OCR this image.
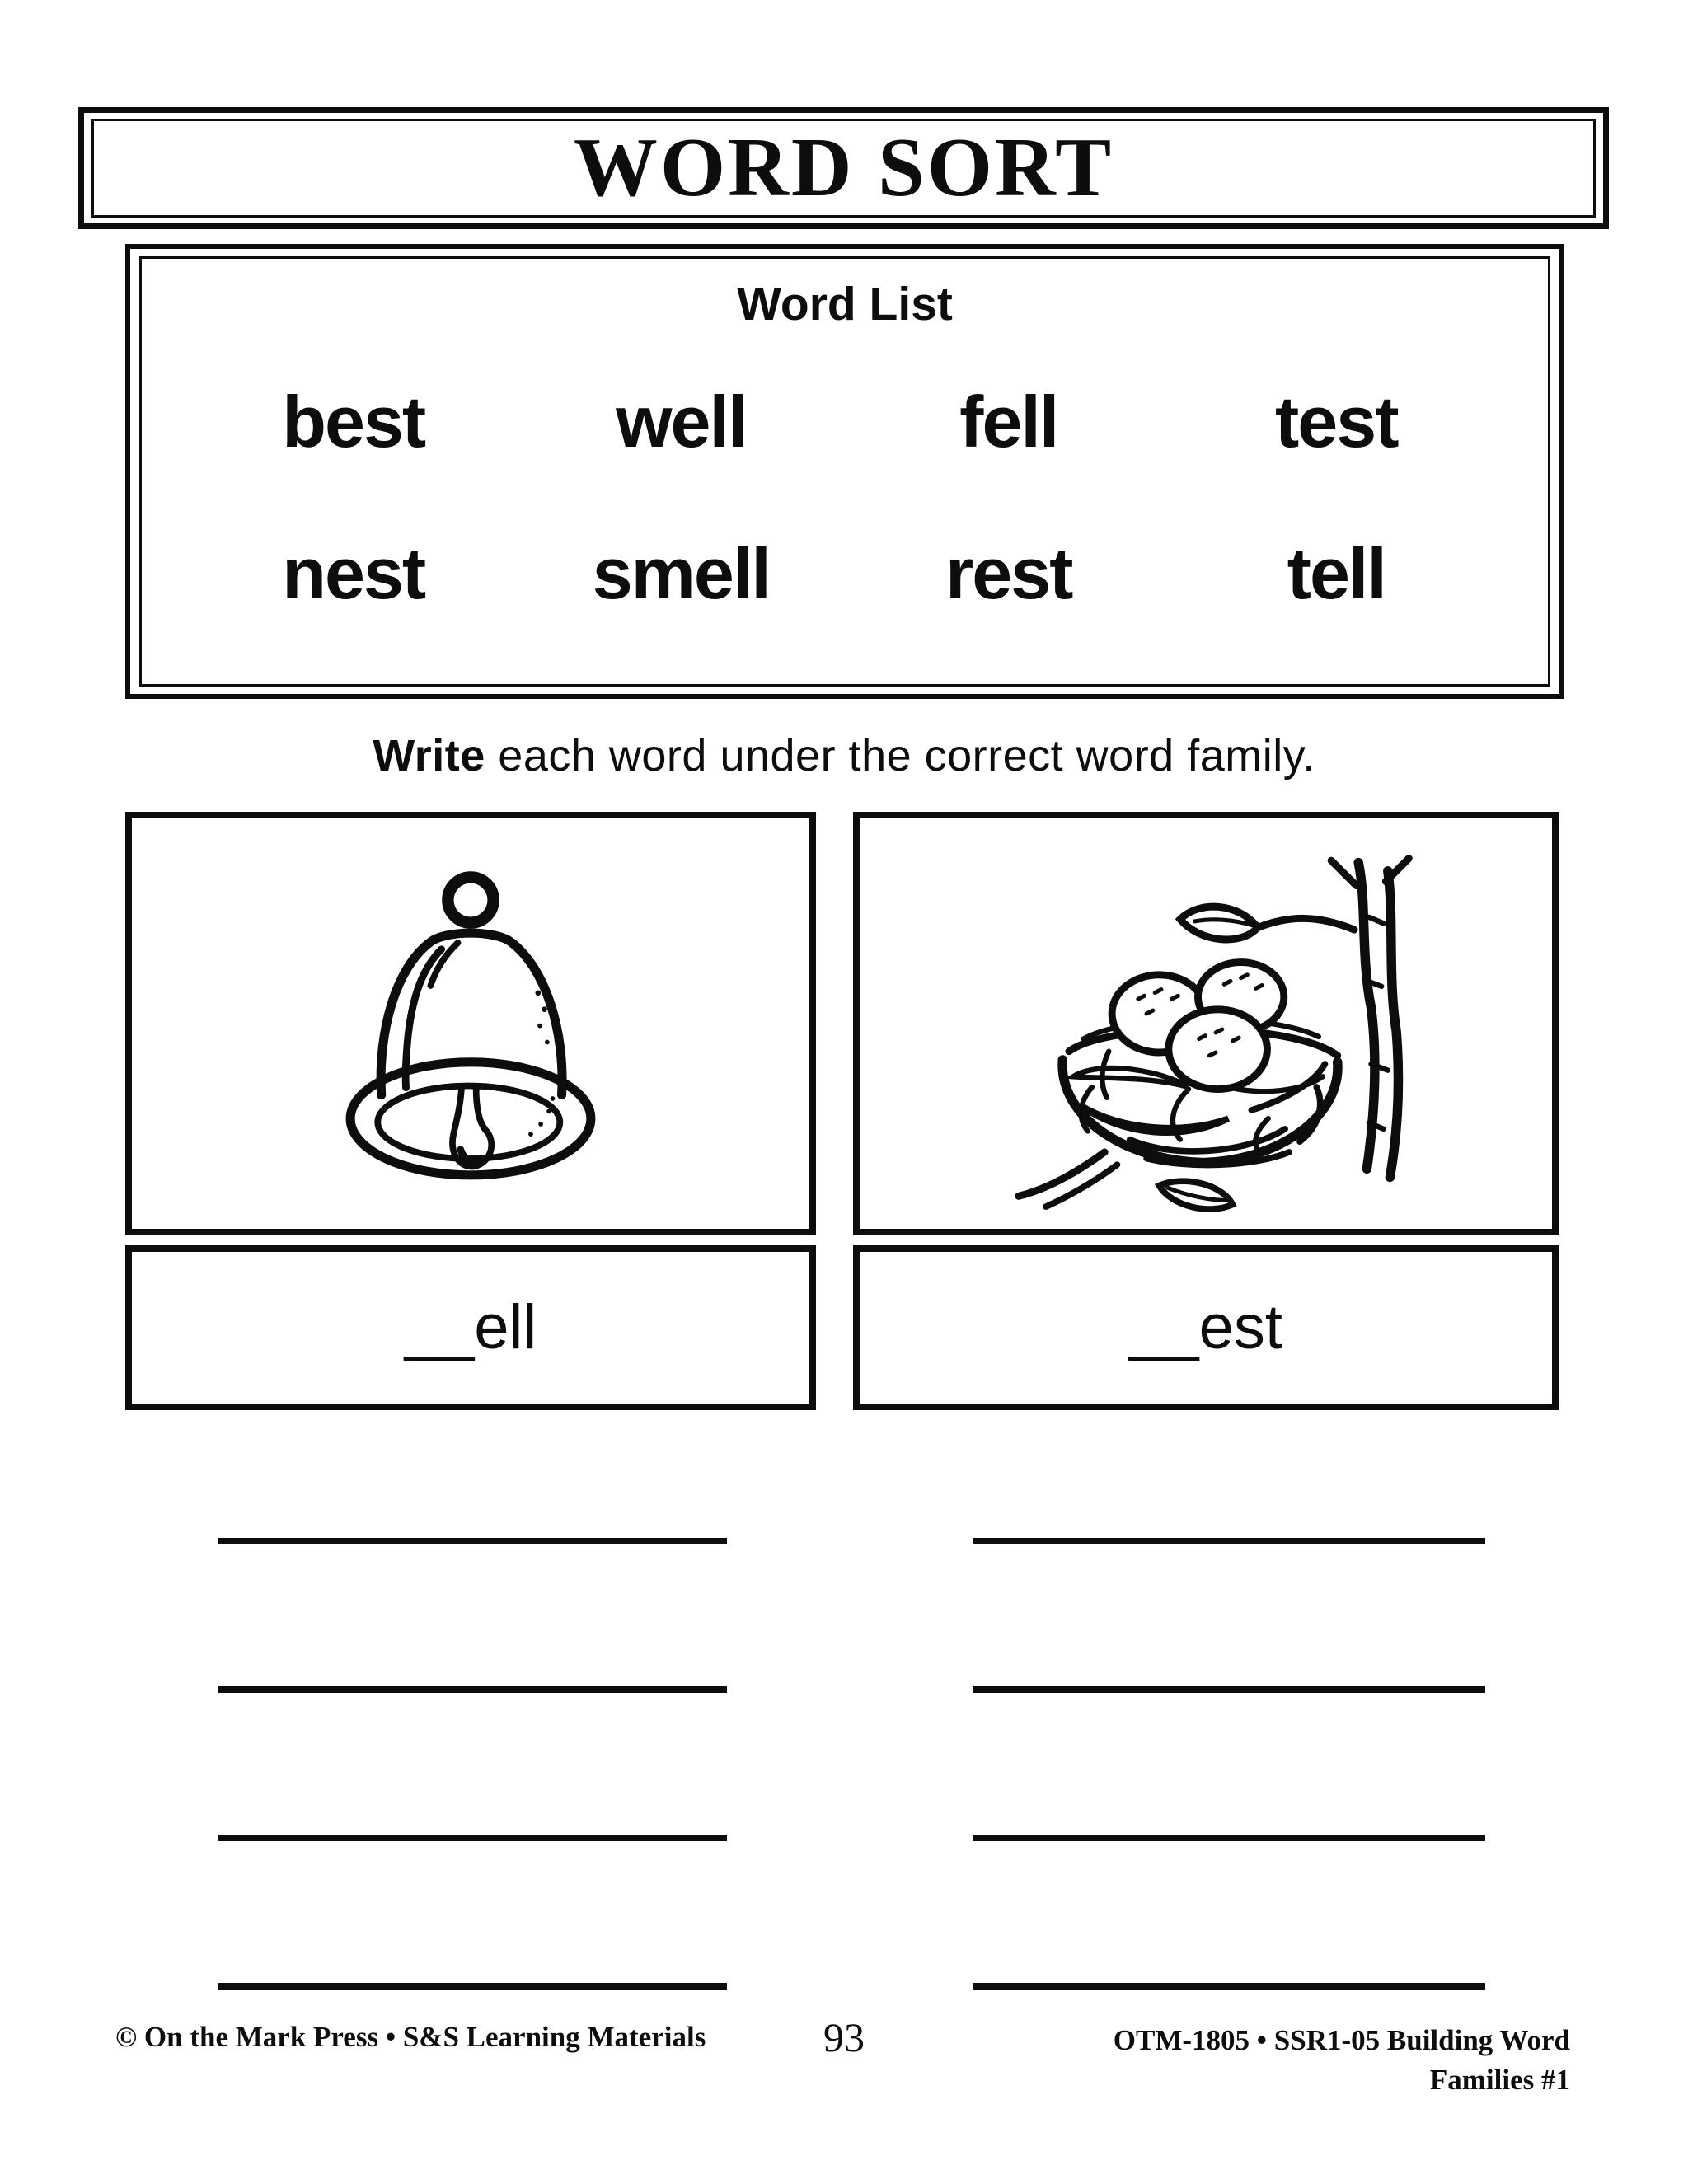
WORD SORT
Word List
best	well	fell	test
nest	smell	rest	tell
Write each word under the correct word family.
__ell	__est
© On the Mark Press • S&S Learning Materials	93	OTM-1805 • SSR1-05 Building Word
Families #1
